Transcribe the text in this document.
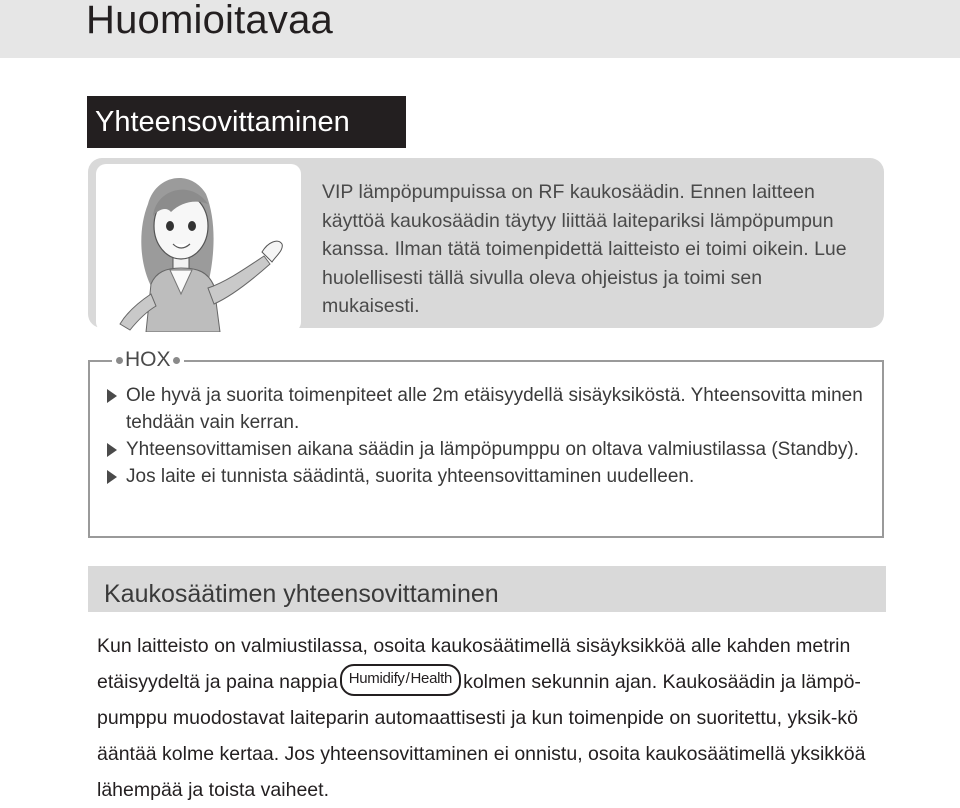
Huomioitavaa
Yhteensovittaminen

VIP lämpöpumpuissa on RF kaukosäädin. Ennen laitteen käyttöä kaukosäädin täytyy liittää laitepariksi lämpöpumpun kanssa. Ilman tätä toimenpidettä laitteisto ei toimi oikein. Lue huolellisesti tällä sivulla oleva ohjeistus ja toimi sen mukaisesti.

HOX
Ole hyvä ja suorita toimenpiteet alle 2m etäisyydellä sisäyksiköstä. Yhteensovitta minen tehdään vain kerran.
Yhteensovittamisen aikana säädin ja lämpöpumppu on oltava valmiustilassa (Standby).
Jos laite ei tunnista säädintä, suorita yhteensovittaminen uudelleen.
Kaukosäätimen yhteensovittaminen

Kun laitteisto on valmiustilassa, osoita kaukosäätimellä sisäyksikköä alle kahden metrin etäisyydeltä ja paina nappia Humidify/Health kolmen sekunnin ajan. Kaukosäädin ja lämpö-pumppu muodostavat laiteparin automaattisesti ja kun toimenpide on suoritettu, yksik-kö ääntää kolme kertaa. Jos yhteensovittaminen ei onnistu, osoita kaukosäätimellä yksikköä lähempää ja toista vaiheet.
